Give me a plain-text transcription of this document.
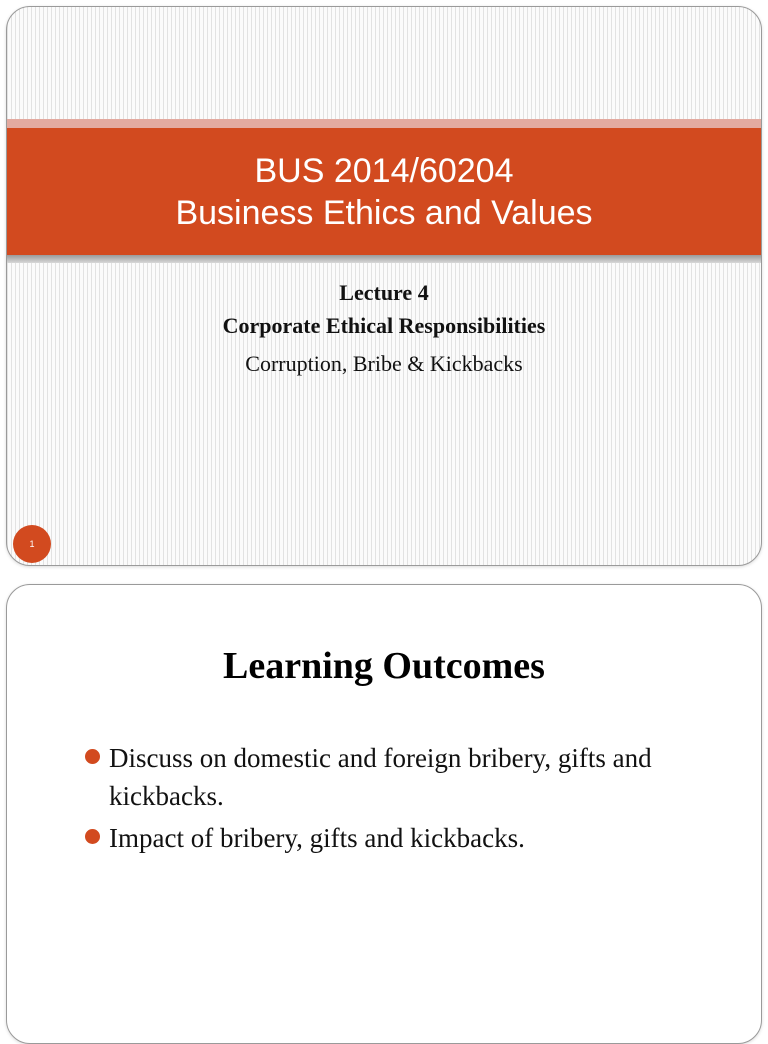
BUS 2014/60204
Business Ethics and Values

Lecture 4

Corporate Ethical Responsibilities

Corruption, Bribe & Kickbacks

1
Learning Outcomes
Discuss on domestic and foreign bribery, gifts and kickbacks.
Impact of bribery, gifts and kickbacks.
